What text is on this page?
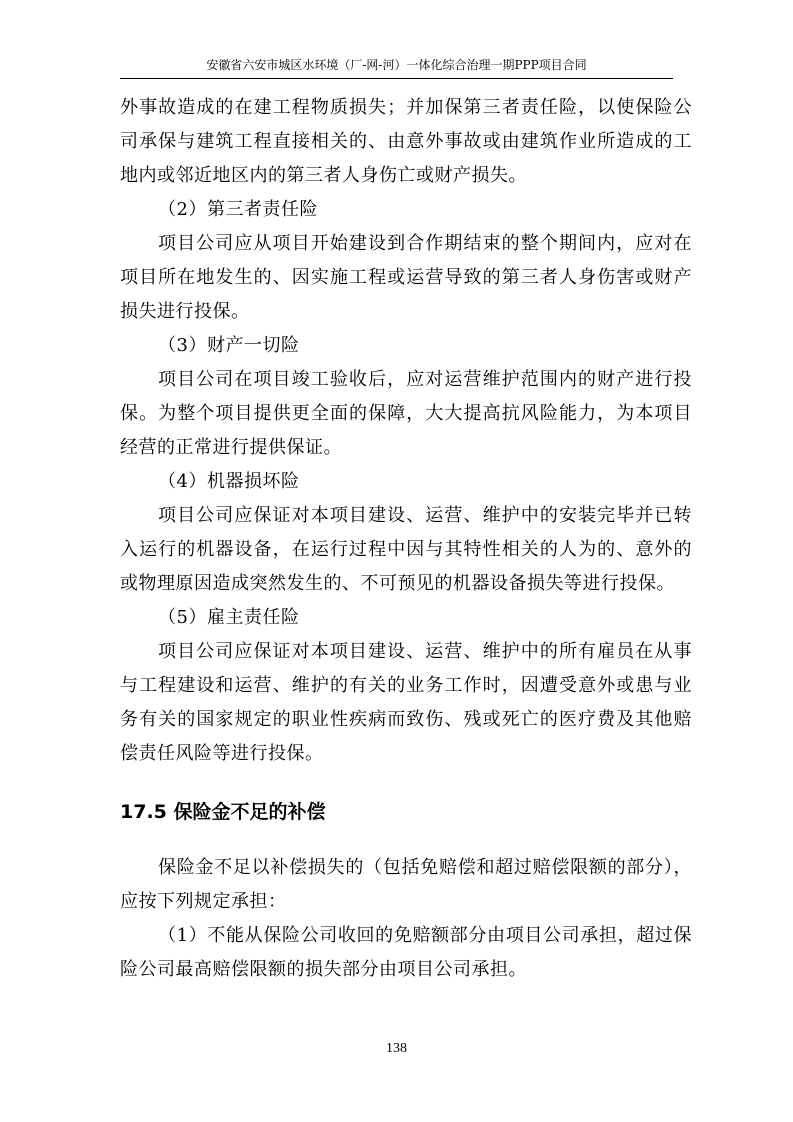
安徽省六安市城区水环境（厂-网-河）一体化综合治理一期PPP项目合同

外事故造成的在建工程物质损失；并加保第三者责任险，以使保险公司承保与建筑工程直接相关的、由意外事故或由建筑作业所造成的工地内或邻近地区内的第三者人身伤亡或财产损失。

（2）第三者责任险

项目公司应从项目开始建设到合作期结束的整个期间内，应对在项目所在地发生的、因实施工程或运营导致的第三者人身伤害或财产损失进行投保。

（3）财产一切险

项目公司在项目竣工验收后，应对运营维护范围内的财产进行投保。为整个项目提供更全面的保障，大大提高抗风险能力，为本项目经营的正常进行提供保证。

（4）机器损坏险

项目公司应保证对本项目建设、运营、维护中的安装完毕并已转入运行的机器设备，在运行过程中因与其特性相关的人为的、意外的或物理原因造成突然发生的、不可预见的机器设备损失等进行投保。

（5）雇主责任险

项目公司应保证对本项目建设、运营、维护中的所有雇员在从事与工程建设和运营、维护的有关的业务工作时，因遭受意外或患与业务有关的国家规定的职业性疾病而致伤、残或死亡的医疗费及其他赔偿责任风险等进行投保。

17.5 保险金不足的补偿

保险金不足以补偿损失的（包括免赔偿和超过赔偿限额的部分），应按下列规定承担：

（1）不能从保险公司收回的免赔额部分由项目公司承担，超过保险公司最高赔偿限额的损失部分由项目公司承担。

138
